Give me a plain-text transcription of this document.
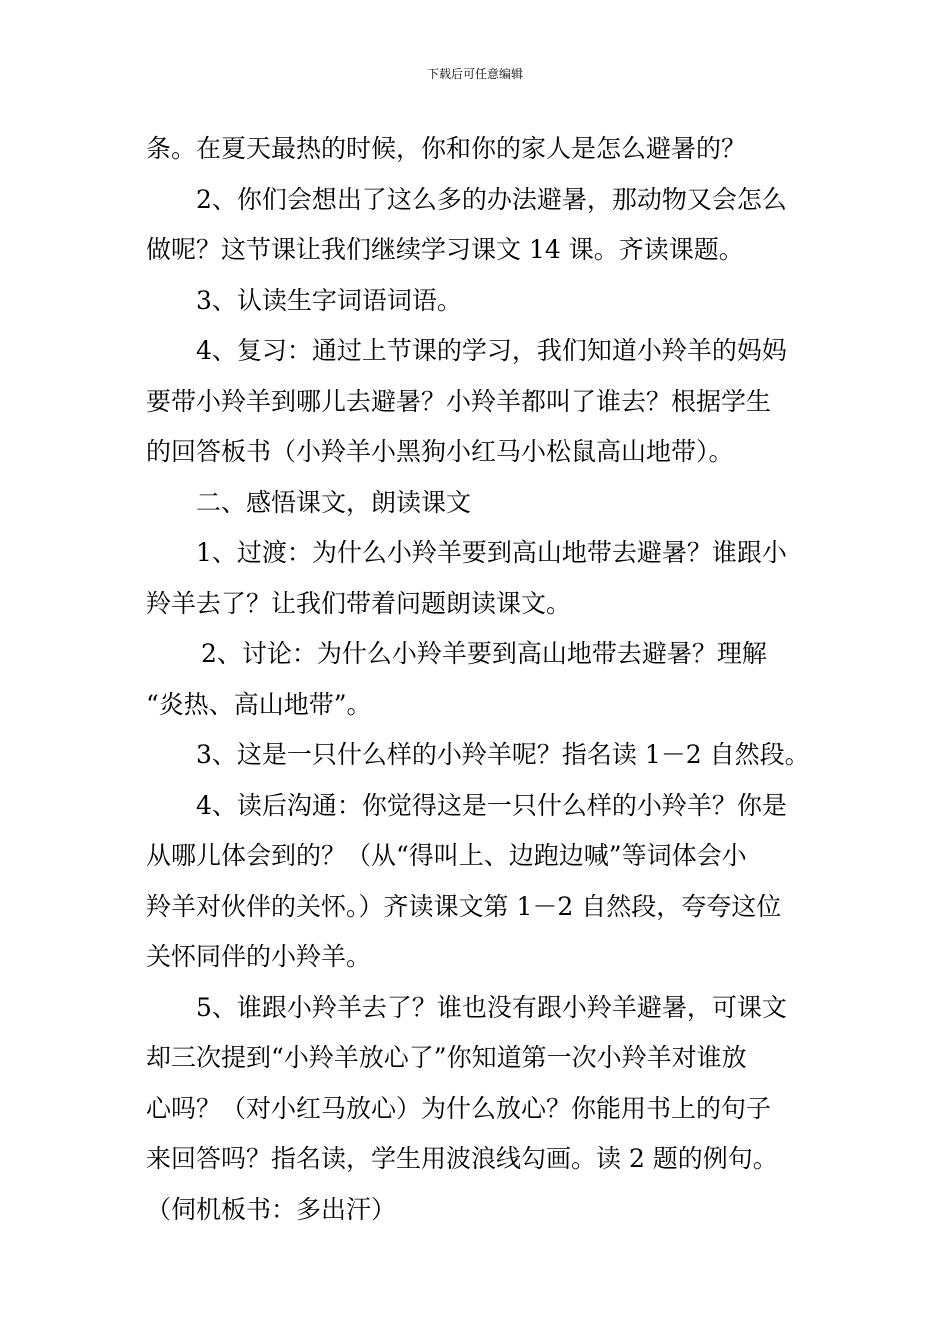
下载后可任意编辑
条。在夏天最热的时候，你和你的家人是怎么避暑的？
2、你们会想出了这么多的办法避暑，那动物又会怎么
做呢？这节课让我们继续学习课文 14 课。齐读课题。
3、认读生字词语词语。
4、复习：通过上节课的学习，我们知道小羚羊的妈妈
要带小羚羊到哪儿去避暑？小羚羊都叫了谁去？根据学生
的回答板书（小羚羊小黑狗小红马小松鼠高山地带）。
二、感悟课文，朗读课文
1、过渡：为什么小羚羊要到高山地带去避暑？谁跟小
羚羊去了？让我们带着问题朗读课文。
2、讨论：为什么小羚羊要到高山地带去避暑？理解
“炎热、高山地带”。
3、这是一只什么样的小羚羊呢？指名读 1－2 自然段。
4、读后沟通：你觉得这是一只什么样的小羚羊？你是
从哪儿体会到的？（从“得叫上、边跑边喊”等词体会小
羚羊对伙伴的关怀。）齐读课文第 1－2 自然段，夸夸这位
关怀同伴的小羚羊。
5、谁跟小羚羊去了？谁也没有跟小羚羊避暑，可课文
却三次提到“小羚羊放心了”你知道第一次小羚羊对谁放
心吗？（对小红马放心）为什么放心？你能用书上的句子
来回答吗？指名读，学生用波浪线勾画。读 2 题的例句。
（伺机板书：多出汗）
